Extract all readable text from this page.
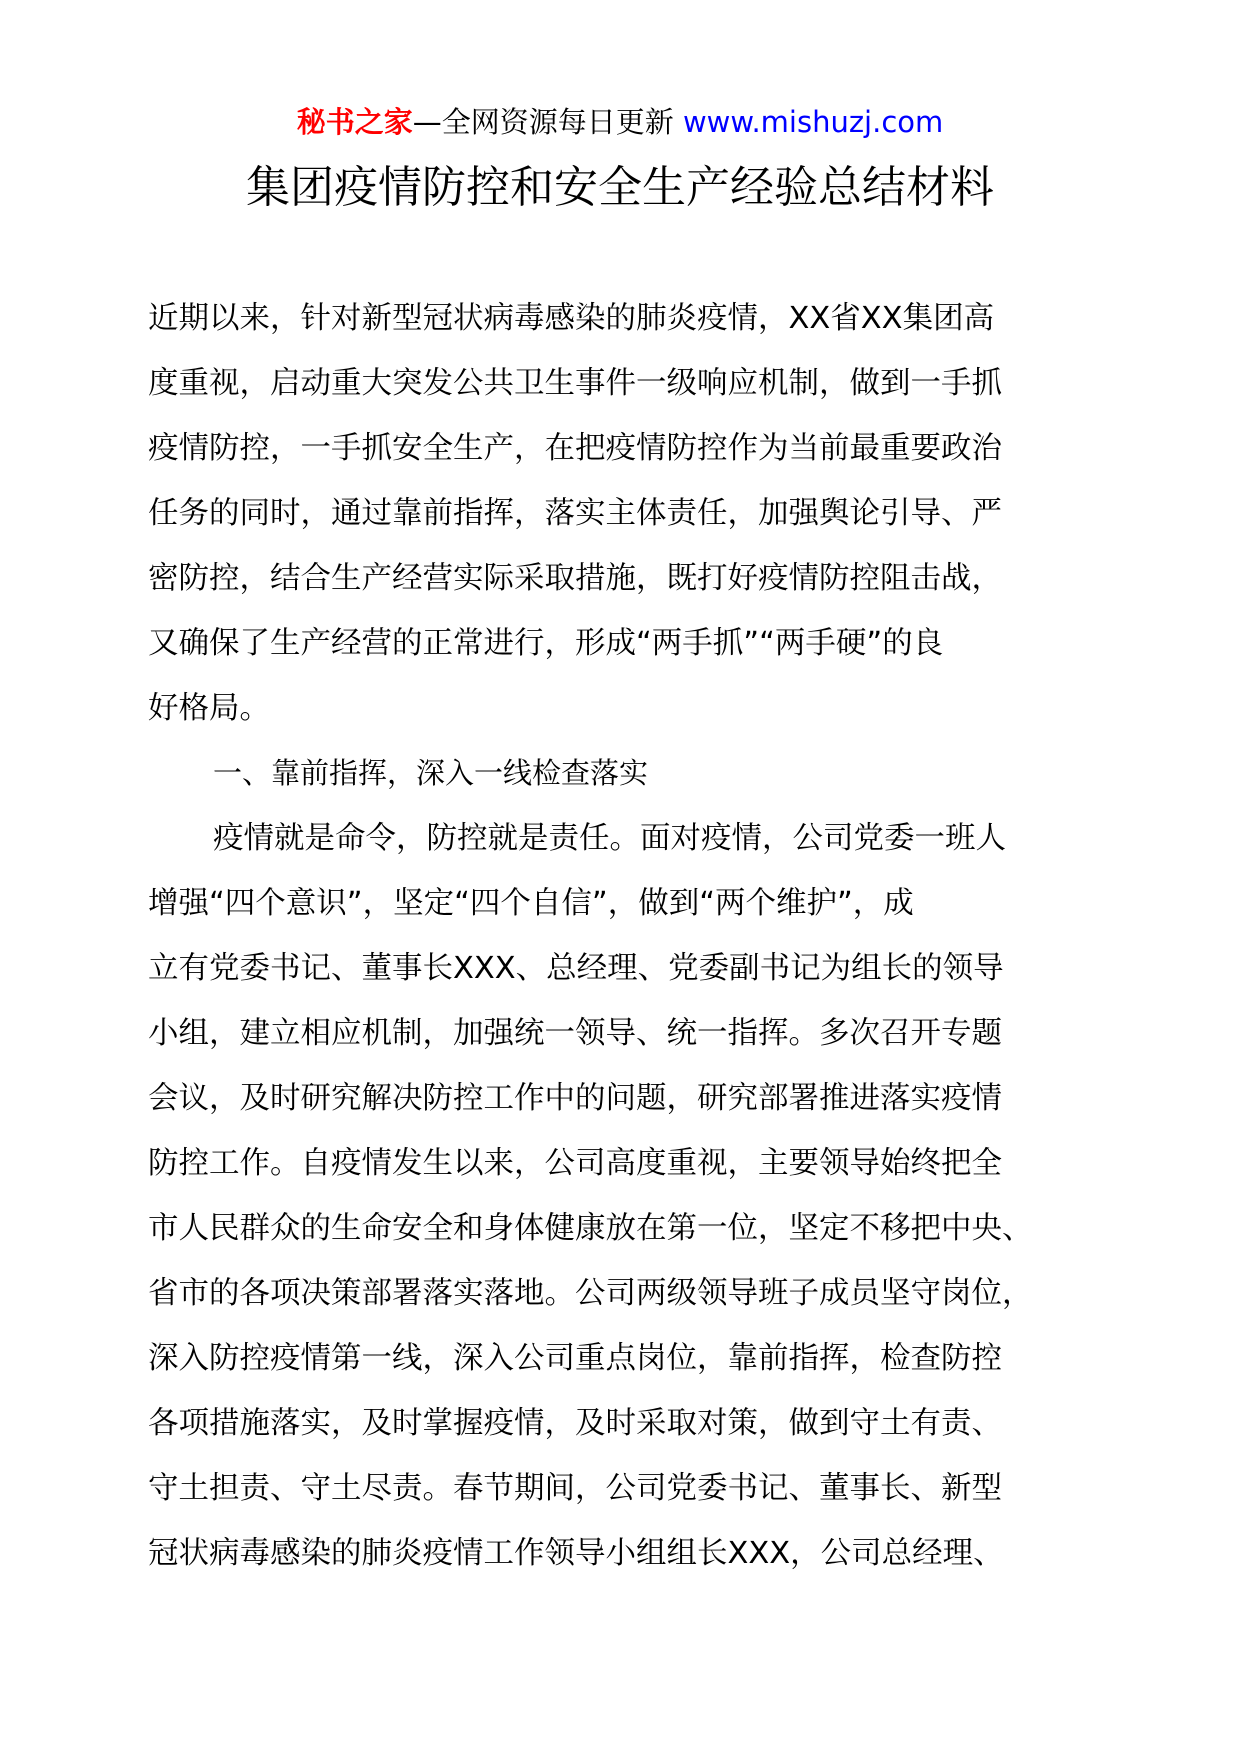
秘书之家—全网资源每日更新 www.mishuzj.com
集团疫情防控和安全生产经验总结材料
近期以来，针对新型冠状病毒感染的肺炎疫情，XX省XX集团高
度重视，启动重大突发公共卫生事件一级响应机制，做到一手抓
疫情防控，一手抓安全生产，在把疫情防控作为当前最重要政治
任务的同时，通过靠前指挥，落实主体责任，加强舆论引导、严
密防控，结合生产经营实际采取措施，既打好疫情防控阻击战，
又确保了生产经营的正常进行，形成“两手抓”“两手硬”的良
好格局。
一、靠前指挥，深入一线检查落实
疫情就是命令，防控就是责任。面对疫情，公司党委一班人
增强“四个意识”，坚定“四个自信”，做到“两个维护”，成
立有党委书记、董事长XXX、总经理、党委副书记为组长的领导
小组，建立相应机制，加强统一领导、统一指挥。多次召开专题
会议，及时研究解决防控工作中的问题，研究部署推进落实疫情
防控工作。自疫情发生以来，公司高度重视，主要领导始终把全
市人民群众的生命安全和身体健康放在第一位，坚定不移把中央、
省市的各项决策部署落实落地。公司两级领导班子成员坚守岗位，
深入防控疫情第一线，深入公司重点岗位，靠前指挥，检查防控
各项措施落实，及时掌握疫情，及时采取对策，做到守土有责、
守土担责、守土尽责。春节期间，公司党委书记、董事长、新型
冠状病毒感染的肺炎疫情工作领导小组组长XXX，公司总经理、
